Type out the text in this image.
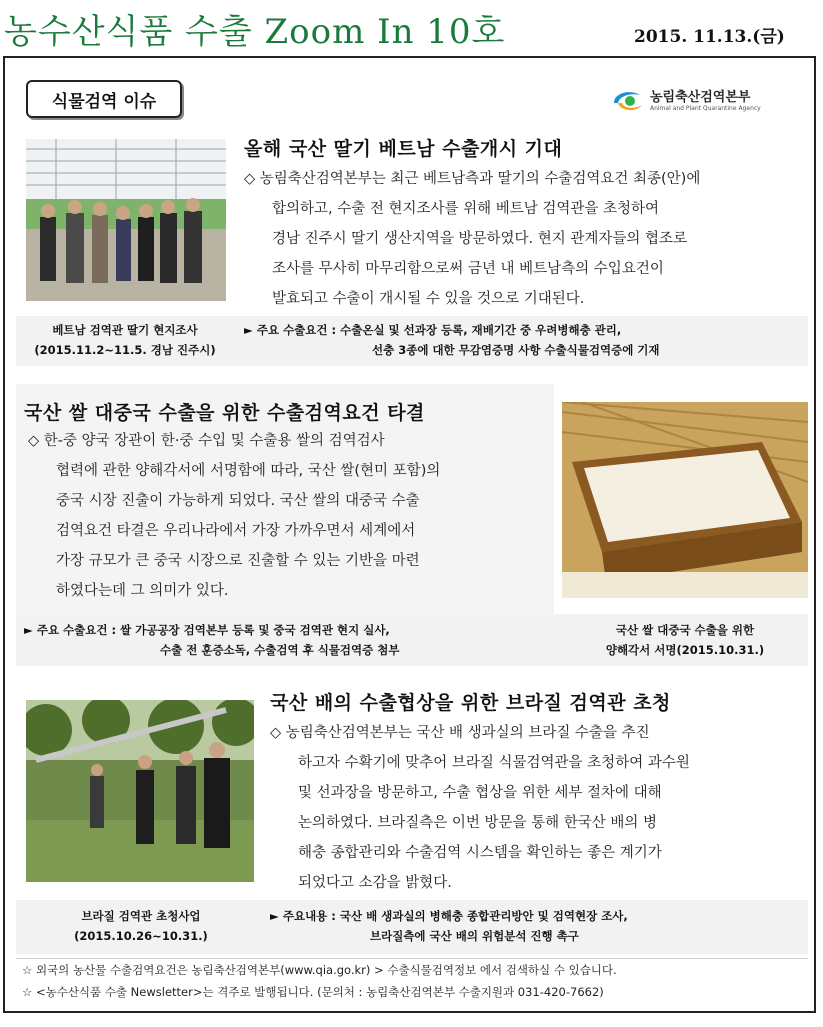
농수산식품 수출 Zoom In 10호	2015. 11.13.(금)
식물검역 이슈	농림축산검역본부
Animal and Plant Quarantine Agency
올해 국산 딸기 베트남 수출개시 기대
◇ 농림축산검역본부는 최근 베트남측과 딸기의 수출검역요건 최종(안)에
합의하고, 수출 전 현지조사를 위해 베트남 검역관을 초청하여
경남 진주시 딸기 생산지역을 방문하였다. 현지 관계자들의 협조로
조사를 무사히 마무리함으로써 금년 내 베트남측의 수입요건이
발효되고 수출이 개시될 수 있을 것으로 기대된다.
베트남 검역관 딸기 현지조사
(2015.11.2~11.5. 경남 진주시)
► 주요 수출요건 : 수출온실 및 선과장 등록, 재배기간 중 우려병해충 관리,
선충 3종에 대한 무감염증명 사항 수출식물검역증에 기재
국산 쌀 대중국 수출을 위한 수출검역요건 타결
◇ 한-중 양국 장관이 한·중 수입 및 수출용 쌀의 검역검사
협력에 관한 양해각서에 서명함에 따라, 국산 쌀(현미 포함)의
중국 시장 진출이 가능하게 되었다. 국산 쌀의 대중국 수출
검역요건 타결은 우리나라에서 가장 가까우면서 세계에서
가장 규모가 큰 중국 시장으로 진출할 수 있는 기반을 마련
하였다는데 그 의미가 있다.
► 주요 수출요건 : 쌀 가공공장 검역본부 등록 및 중국 검역관 현지 실사,
수출 전 훈증소독, 수출검역 후 식물검역증 첨부
국산 쌀 대중국 수출을 위한
양해각서 서명(2015.10.31.)
국산 배의 수출협상을 위한 브라질 검역관 초청
◇ 농림축산검역본부는 국산 배 생과실의 브라질 수출을 추진
하고자 수확기에 맞추어 브라질 식물검역관을 초청하여 과수원
및 선과장을 방문하고, 수출 협상을 위한 세부 절차에 대해
논의하였다. 브라질측은 이번 방문을 통해 한국산 배의 병
해충 종합관리와 수출검역 시스템을 확인하는 좋은 계기가
되었다고 소감을 밝혔다.
브라질 검역관 초청사업
(2015.10.26~10.31.)
► 주요내용 : 국산 배 생과실의 병해충 종합관리방안 및 검역현장 조사,
브라질측에 국산 배의 위험분석 진행 촉구
☆ 외국의 농산물 수출검역요건은 농림축산검역본부(www.qia.go.kr) > 수출식물검역정보 에서 검색하실 수 있습니다.
☆ <농수산식품 수출 Newsletter>는 격주로 발행됩니다. (문의처 : 농림축산검역본부 수출지원과 031-420-7662)
